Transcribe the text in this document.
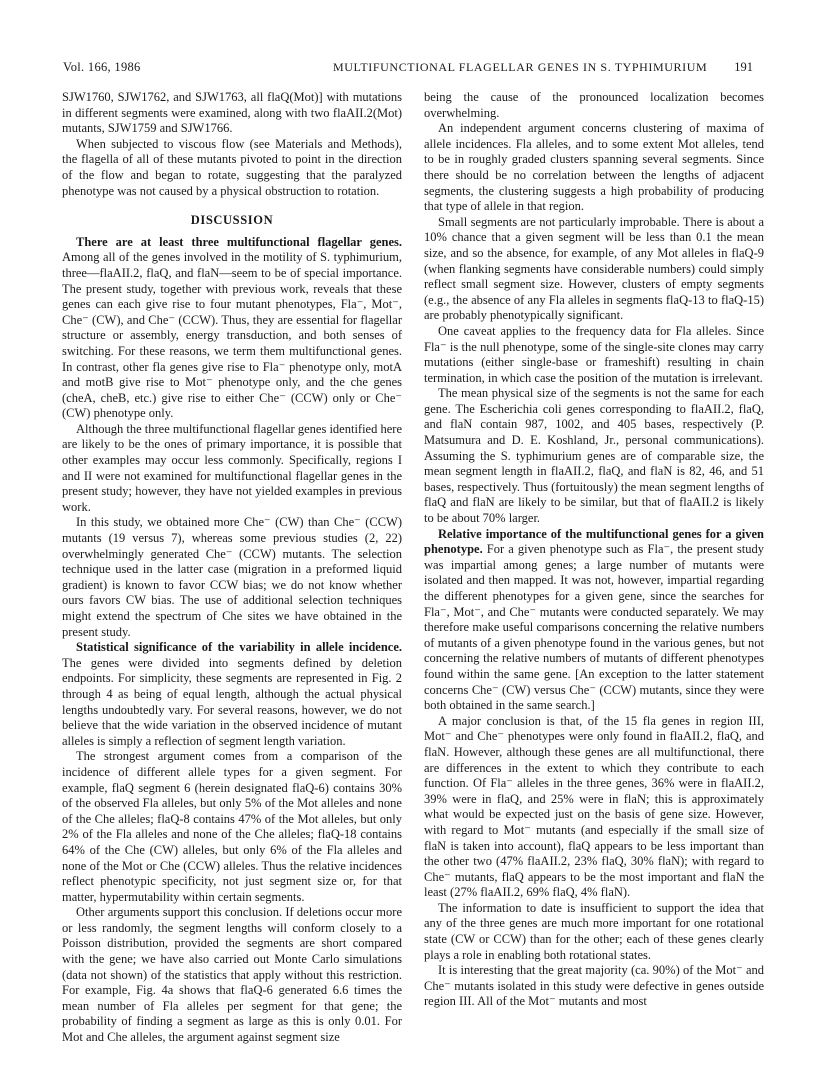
Vol. 166, 1986	MULTIFUNCTIONAL FLAGELLAR GENES IN S. TYPHIMURIUM 191

SJW1760, SJW1762, and SJW1763, all flaQ(Mot)] with mutations in different segments were examined, along with two flaAII.2(Mot) mutants, SJW1759 and SJW1766.

When subjected to viscous flow (see Materials and Methods), the flagella of all of these mutants pivoted to point in the direction of the flow and began to rotate, suggesting that the paralyzed phenotype was not caused by a physical obstruction to rotation.

DISCUSSION

There are at least three multifunctional flagellar genes. Among all of the genes involved in the motility of S. typhimurium, three—flaAII.2, flaQ, and flaN—seem to be of special importance. The present study, together with previous work, reveals that these genes can each give rise to four mutant phenotypes, Fla⁻, Mot⁻, Che⁻ (CW), and Che⁻ (CCW). Thus, they are essential for flagellar structure or assembly, energy transduction, and both senses of switching. For these reasons, we term them multifunctional genes. In contrast, other fla genes give rise to Fla⁻ phenotype only, motA and motB give rise to Mot⁻ phenotype only, and the che genes (cheA, cheB, etc.) give rise to either Che⁻ (CCW) only or Che⁻ (CW) phenotype only.

Although the three multifunctional flagellar genes identified here are likely to be the ones of primary importance, it is possible that other examples may occur less commonly. Specifically, regions I and II were not examined for multifunctional flagellar genes in the present study; however, they have not yielded examples in previous work.

In this study, we obtained more Che⁻ (CW) than Che⁻ (CCW) mutants (19 versus 7), whereas some previous studies (2, 22) overwhelmingly generated Che⁻ (CCW) mutants. The selection technique used in the latter case (migration in a preformed liquid gradient) is known to favor CCW bias; we do not know whether ours favors CW bias. The use of additional selection techniques might extend the spectrum of Che sites we have obtained in the present study.

Statistical significance of the variability in allele incidence. The genes were divided into segments defined by deletion endpoints. For simplicity, these segments are represented in Fig. 2 through 4 as being of equal length, although the actual physical lengths undoubtedly vary. For several reasons, however, we do not believe that the wide variation in the observed incidence of mutant alleles is simply a reflection of segment length variation.

The strongest argument comes from a comparison of the incidence of different allele types for a given segment. For example, flaQ segment 6 (herein designated flaQ-6) contains 30% of the observed Fla alleles, but only 5% of the Mot alleles and none of the Che alleles; flaQ-8 contains 47% of the Mot alleles, but only 2% of the Fla alleles and none of the Che alleles; flaQ-18 contains 64% of the Che (CW) alleles, but only 6% of the Fla alleles and none of the Mot or Che (CCW) alleles. Thus the relative incidences reflect phenotypic specificity, not just segment size or, for that matter, hypermutability within certain segments.

Other arguments support this conclusion. If deletions occur more or less randomly, the segment lengths will conform closely to a Poisson distribution, provided the segments are short compared with the gene; we have also carried out Monte Carlo simulations (data not shown) of the statistics that apply without this restriction. For example, Fig. 4a shows that flaQ-6 generated 6.6 times the mean number of Fla alleles per segment for that gene; the probability of finding a segment as large as this is only 0.01. For Mot and Che alleles, the argument against segment size

being the cause of the pronounced localization becomes overwhelming.

An independent argument concerns clustering of maxima of allele incidences. Fla alleles, and to some extent Mot alleles, tend to be in roughly graded clusters spanning several segments. Since there should be no correlation between the lengths of adjacent segments, the clustering suggests a high probability of producing that type of allele in that region.

Small segments are not particularly improbable. There is about a 10% chance that a given segment will be less than 0.1 the mean size, and so the absence, for example, of any Mot alleles in flaQ-9 (when flanking segments have considerable numbers) could simply reflect small segment size. However, clusters of empty segments (e.g., the absence of any Fla alleles in segments flaQ-13 to flaQ-15) are probably phenotypically significant.

One caveat applies to the frequency data for Fla alleles. Since Fla⁻ is the null phenotype, some of the single-site clones may carry mutations (either single-base or frameshift) resulting in chain termination, in which case the position of the mutation is irrelevant.

The mean physical size of the segments is not the same for each gene. The Escherichia coli genes corresponding to flaAII.2, flaQ, and flaN contain 987, 1002, and 405 bases, respectively (P. Matsumura and D. E. Koshland, Jr., personal communications). Assuming the S. typhimurium genes are of comparable size, the mean segment length in flaAII.2, flaQ, and flaN is 82, 46, and 51 bases, respectively. Thus (fortuitously) the mean segment lengths of flaQ and flaN are likely to be similar, but that of flaAII.2 is likely to be about 70% larger.

Relative importance of the multifunctional genes for a given phenotype. For a given phenotype such as Fla⁻, the present study was impartial among genes; a large number of mutants were isolated and then mapped. It was not, however, impartial regarding the different phenotypes for a given gene, since the searches for Fla⁻, Mot⁻, and Che⁻ mutants were conducted separately. We may therefore make useful comparisons concerning the relative numbers of mutants of a given phenotype found in the various genes, but not concerning the relative numbers of mutants of different phenotypes found within the same gene. [An exception to the latter statement concerns Che⁻ (CW) versus Che⁻ (CCW) mutants, since they were both obtained in the same search.]

A major conclusion is that, of the 15 fla genes in region III, Mot⁻ and Che⁻ phenotypes were only found in flaAII.2, flaQ, and flaN. However, although these genes are all multifunctional, there are differences in the extent to which they contribute to each function. Of Fla⁻ alleles in the three genes, 36% were in flaAII.2, 39% were in flaQ, and 25% were in flaN; this is approximately what would be expected just on the basis of gene size. However, with regard to Mot⁻ mutants (and especially if the small size of flaN is taken into account), flaQ appears to be less important than the other two (47% flaAII.2, 23% flaQ, 30% flaN); with regard to Che⁻ mutants, flaQ appears to be the most important and flaN the least (27% flaAII.2, 69% flaQ, 4% flaN).

The information to date is insufficient to support the idea that any of the three genes are much more important for one rotational state (CW or CCW) than for the other; each of these genes clearly plays a role in enabling both rotational states.

It is interesting that the great majority (ca. 90%) of the Mot⁻ and Che⁻ mutants isolated in this study were defective in genes outside region III. All of the Mot⁻ mutants and most
